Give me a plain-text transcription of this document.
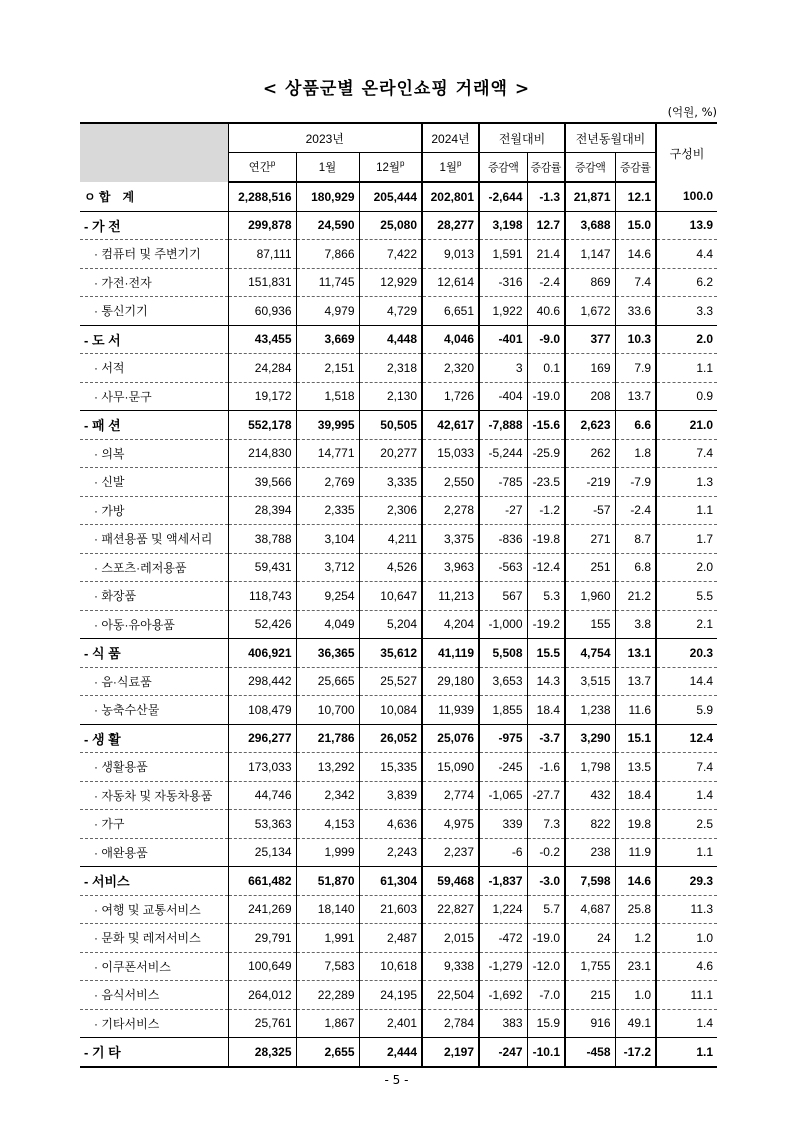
< 상품군별 온라인쇼핑 거래액 >
(억원, %)
	2023년			2024년	전월대비		전년동월대비		구성비
	연간$^p$	1월	12월$^p$	1월$^p$	증감액	증감률	증감액	증감률	
ㅇ 합　계	2,288,516	180,929	205,444	202,801	-2,644	-1.3	21,871	12.1	100.0
- 가 전	299,878	24,590	25,080	28,277	3,198	12.7	3,688	15.0	13.9
· 컴퓨터 및 주변기기	87,111	7,866	7,422	9,013	1,591	21.4	1,147	14.6	4.4
· 가전·전자	151,831	11,745	12,929	12,614	-316	-2.4	869	7.4	6.2
· 통신기기	60,936	4,979	4,729	6,651	1,922	40.6	1,672	33.6	3.3
- 도 서	43,455	3,669	4,448	4,046	-401	-9.0	377	10.3	2.0
· 서적	24,284	2,151	2,318	2,320	3	0.1	169	7.9	1.1
· 사무·문구	19,172	1,518	2,130	1,726	-404	-19.0	208	13.7	0.9
- 패 션	552,178	39,995	50,505	42,617	-7,888	-15.6	2,623	6.6	21.0
· 의복	214,830	14,771	20,277	15,033	-5,244	-25.9	262	1.8	7.4
· 신발	39,566	2,769	3,335	2,550	-785	-23.5	-219	-7.9	1.3
· 가방	28,394	2,335	2,306	2,278	-27	-1.2	-57	-2.4	1.1
· 패션용품 및 액세서리	38,788	3,104	4,211	3,375	-836	-19.8	271	8.7	1.7
· 스포츠·레저용품	59,431	3,712	4,526	3,963	-563	-12.4	251	6.8	2.0
· 화장품	118,743	9,254	10,647	11,213	567	5.3	1,960	21.2	5.5
· 아동·유아용품	52,426	4,049	5,204	4,204	-1,000	-19.2	155	3.8	2.1
- 식 품	406,921	36,365	35,612	41,119	5,508	15.5	4,754	13.1	20.3
· 음·식료품	298,442	25,665	25,527	29,180	3,653	14.3	3,515	13.7	14.4
· 농축수산물	108,479	10,700	10,084	11,939	1,855	18.4	1,238	11.6	5.9
- 생 활	296,277	21,786	26,052	25,076	-975	-3.7	3,290	15.1	12.4
· 생활용품	173,033	13,292	15,335	15,090	-245	-1.6	1,798	13.5	7.4
· 자동차 및 자동차용품	44,746	2,342	3,839	2,774	-1,065	-27.7	432	18.4	1.4
· 가구	53,363	4,153	4,636	4,975	339	7.3	822	19.8	2.5
· 애완용품	25,134	1,999	2,243	2,237	-6	-0.2	238	11.9	1.1
- 서비스	661,482	51,870	61,304	59,468	-1,837	-3.0	7,598	14.6	29.3
· 여행 및 교통서비스	241,269	18,140	21,603	22,827	1,224	5.7	4,687	25.8	11.3
· 문화 및 레저서비스	29,791	1,991	2,487	2,015	-472	-19.0	24	1.2	1.0
· 이쿠폰서비스	100,649	7,583	10,618	9,338	-1,279	-12.0	1,755	23.1	4.6
· 음식서비스	264,012	22,289	24,195	22,504	-1,692	-7.0	215	1.0	11.1
· 기타서비스	25,761	1,867	2,401	2,784	383	15.9	916	49.1	1.4
- 기 타	28,325	2,655	2,444	2,197	-247	-10.1	-458	-17.2	1.1
- 5 -
